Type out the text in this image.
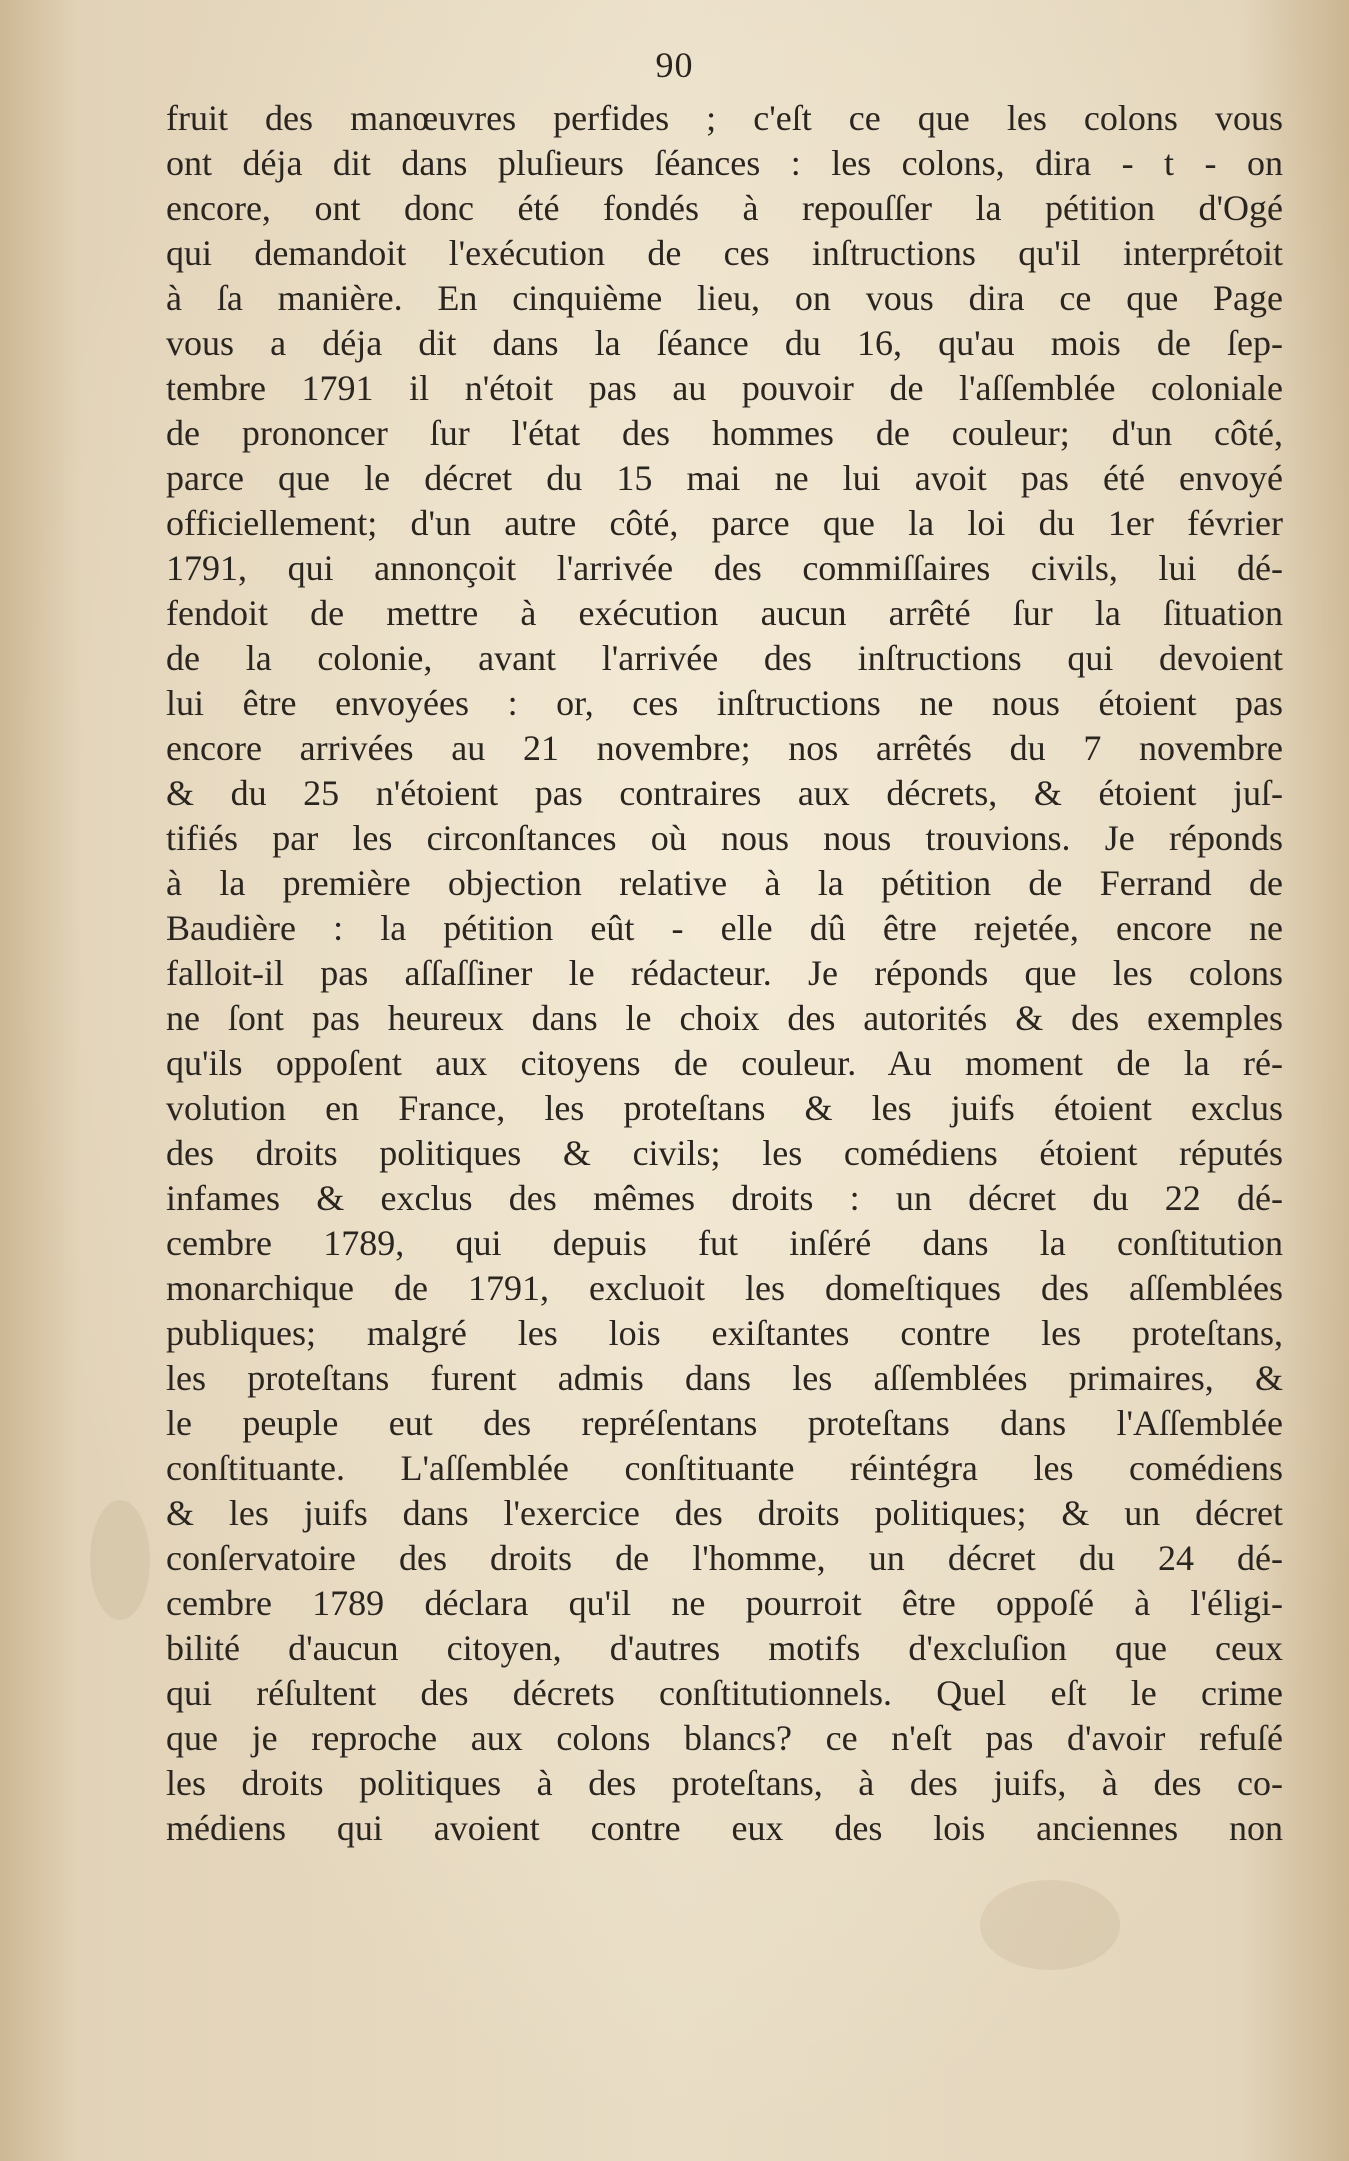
90
fruit des manœuvres perfides ; c'eſt ce que les colons vous
ont déja dit dans pluſieurs ſéances : les colons, dira - t - on
encore, ont donc été fondés à repouſſer la pétition d'Ogé
qui demandoit l'exécution de ces inſtructions qu'il interprétoit
à ſa manière. En cinquième lieu, on vous dira ce que Page
vous a déja dit dans la ſéance du 16, qu'au mois de ſep-
tembre 1791 il n'étoit pas au pouvoir de l'aſſemblée coloniale
de prononcer ſur l'état des hommes de couleur; d'un côté,
parce que le décret du 15 mai ne lui avoit pas été envoyé
officiellement; d'un autre côté, parce que la loi du 1er février
1791, qui annonçoit l'arrivée des commiſſaires civils, lui dé-
fendoit de mettre à exécution aucun arrêté ſur la ſituation
de la colonie, avant l'arrivée des inſtructions qui devoient
lui être envoyées : or, ces inſtructions ne nous étoient pas
encore arrivées au 21 novembre; nos arrêtés du 7 novembre
& du 25 n'étoient pas contraires aux décrets, & étoient juſ-
tifiés par les circonſtances où nous nous trouvions. Je réponds
à la première objection relative à la pétition de Ferrand de
Baudière : la pétition eût - elle dû être rejetée, encore ne
falloit-il pas aſſaſſiner le rédacteur. Je réponds que les colons
ne ſont pas heureux dans le choix des autorités & des exemples
qu'ils oppoſent aux citoyens de couleur. Au moment de la ré-
volution en France, les proteſtans & les juifs étoient exclus
des droits politiques & civils; les comédiens étoient réputés
infames & exclus des mêmes droits : un décret du 22 dé-
cembre 1789, qui depuis fut inſéré dans la conſtitution
monarchique de 1791, excluoit les domeſtiques des aſſemblées
publiques; malgré les lois exiſtantes contre les proteſtans,
les proteſtans furent admis dans les aſſemblées primaires, &
le peuple eut des repréſentans proteſtans dans l'Aſſemblée
conſtituante. L'aſſemblée conſtituante réintégra les comédiens
& les juifs dans l'exercice des droits politiques; & un décret
conſervatoire des droits de l'homme, un décret du 24 dé-
cembre 1789 déclara qu'il ne pourroit être oppoſé à l'éligi-
bilité d'aucun citoyen, d'autres motifs d'excluſion que ceux
qui réſultent des décrets conſtitutionnels. Quel eſt le crime
que je reproche aux colons blancs? ce n'eſt pas d'avoir refuſé
les droits politiques à des proteſtans, à des juifs, à des co-
médiens qui avoient contre eux des lois anciennes non
